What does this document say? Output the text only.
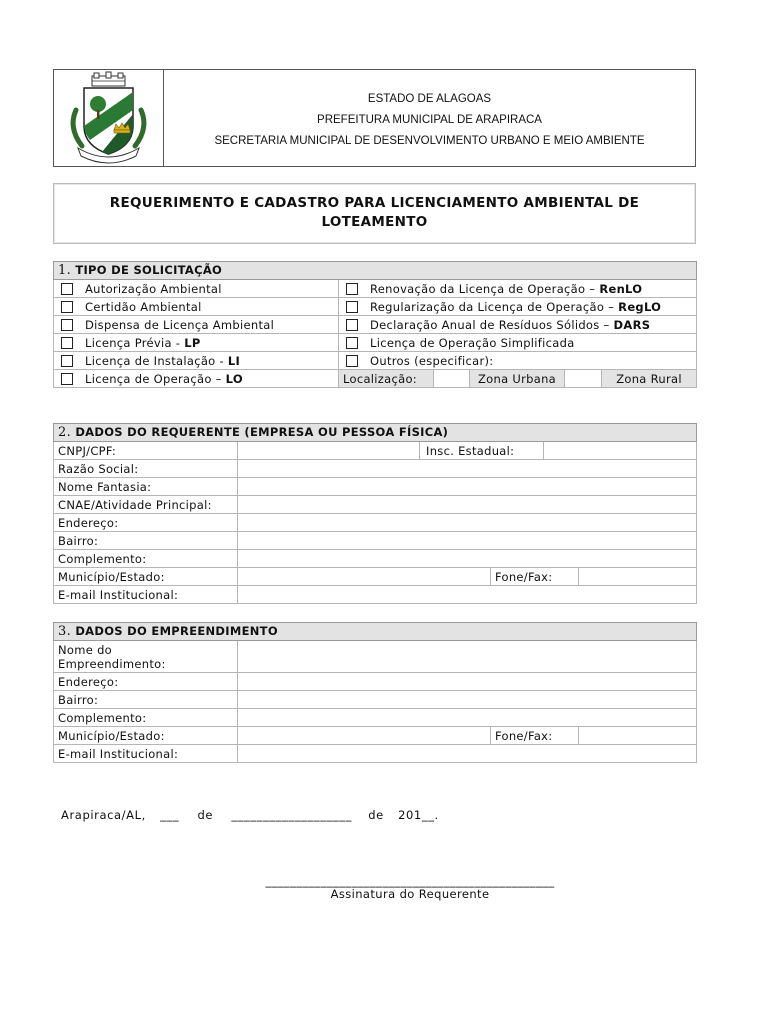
ESTADO DE ALAGOAS
PREFEITURA MUNICIPAL DE ARAPIRACA
SECRETARIA MUNICIPAL DE DESENVOLVIMENTO URBANO E MEIO AMBIENTE
REQUERIMENTO E CADASTRO PARA LICENCIAMENTO AMBIENTAL DE
LOTEAMENTO
1. TIPO DE SOLICITAÇÃO					
Autorização Ambiental	Renovação da Licença de Operação – RenLO				
Certidão Ambiental	Regularização da Licença de Operação – RegLO				
Dispensa de Licença Ambiental	Declaração Anual de Resíduos Sólidos – DARS				
Licença Prévia - LP	Licença de Operação Simplificada				
Licença de Instalação - LI	Outros (especificar):				
Licença de Operação – LO	Localização:		Zona Urbana		Zona Rural
2. DADOS DO REQUERENTE (EMPRESA OU PESSOA FÍSICA)					
CNPJ/CPF:		Insc. Estadual:			
Razão Social:					
Nome Fantasia:					
CNAE/Atividade Principal:					
Endereço:					
Bairro:					
Complemento:					
Município/Estado:			Fone/Fax:		
E-mail Institucional:					
3. DADOS DO EMPREENDIMENTO			
Nome do
Empreendimento:			
Endereço:			
Bairro:			
Complemento:			
Município/Estado:		Fone/Fax:	
E-mail Institucional:			
Arapiraca/AL, ___ de ___________________ de 201__.
_______________________________________________
Assinatura do Requerente
